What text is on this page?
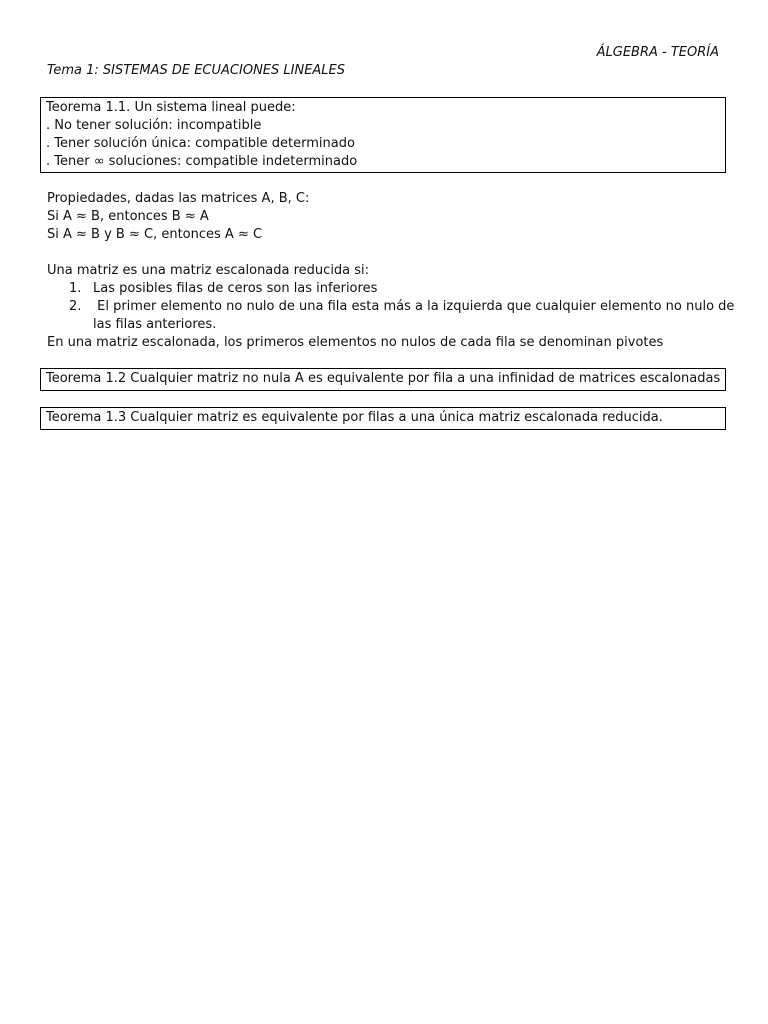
ÁLGEBRA - TEORÍA
Tema 1: SISTEMAS DE ECUACIONES LINEALES
Teorema 1.1. Un sistema lineal puede:
. No tener solución: incompatible
. Tener solución única: compatible determinado
. Tener ∞ soluciones: compatible indeterminado
Propiedades, dadas las matrices A, B, C:
Si A ≈ B, entonces B ≈ A
Si A ≈ B y B ≈ C, entonces A ≈ C
Una matriz es una matriz escalonada reducida si:
1. Las posibles filas de ceros son las inferiores
2. El primer elemento no nulo de una fila esta más a la izquierda que cualquier elemento no nulo de
las filas anteriores.
En una matriz escalonada, los primeros elementos no nulos de cada fila se denominan pivotes
Teorema 1.2 Cualquier matriz no nula A es equivalente por fila a una infinidad de matrices escalonadas
Teorema 1.3 Cualquier matriz es equivalente por filas a una única matriz escalonada reducida.
